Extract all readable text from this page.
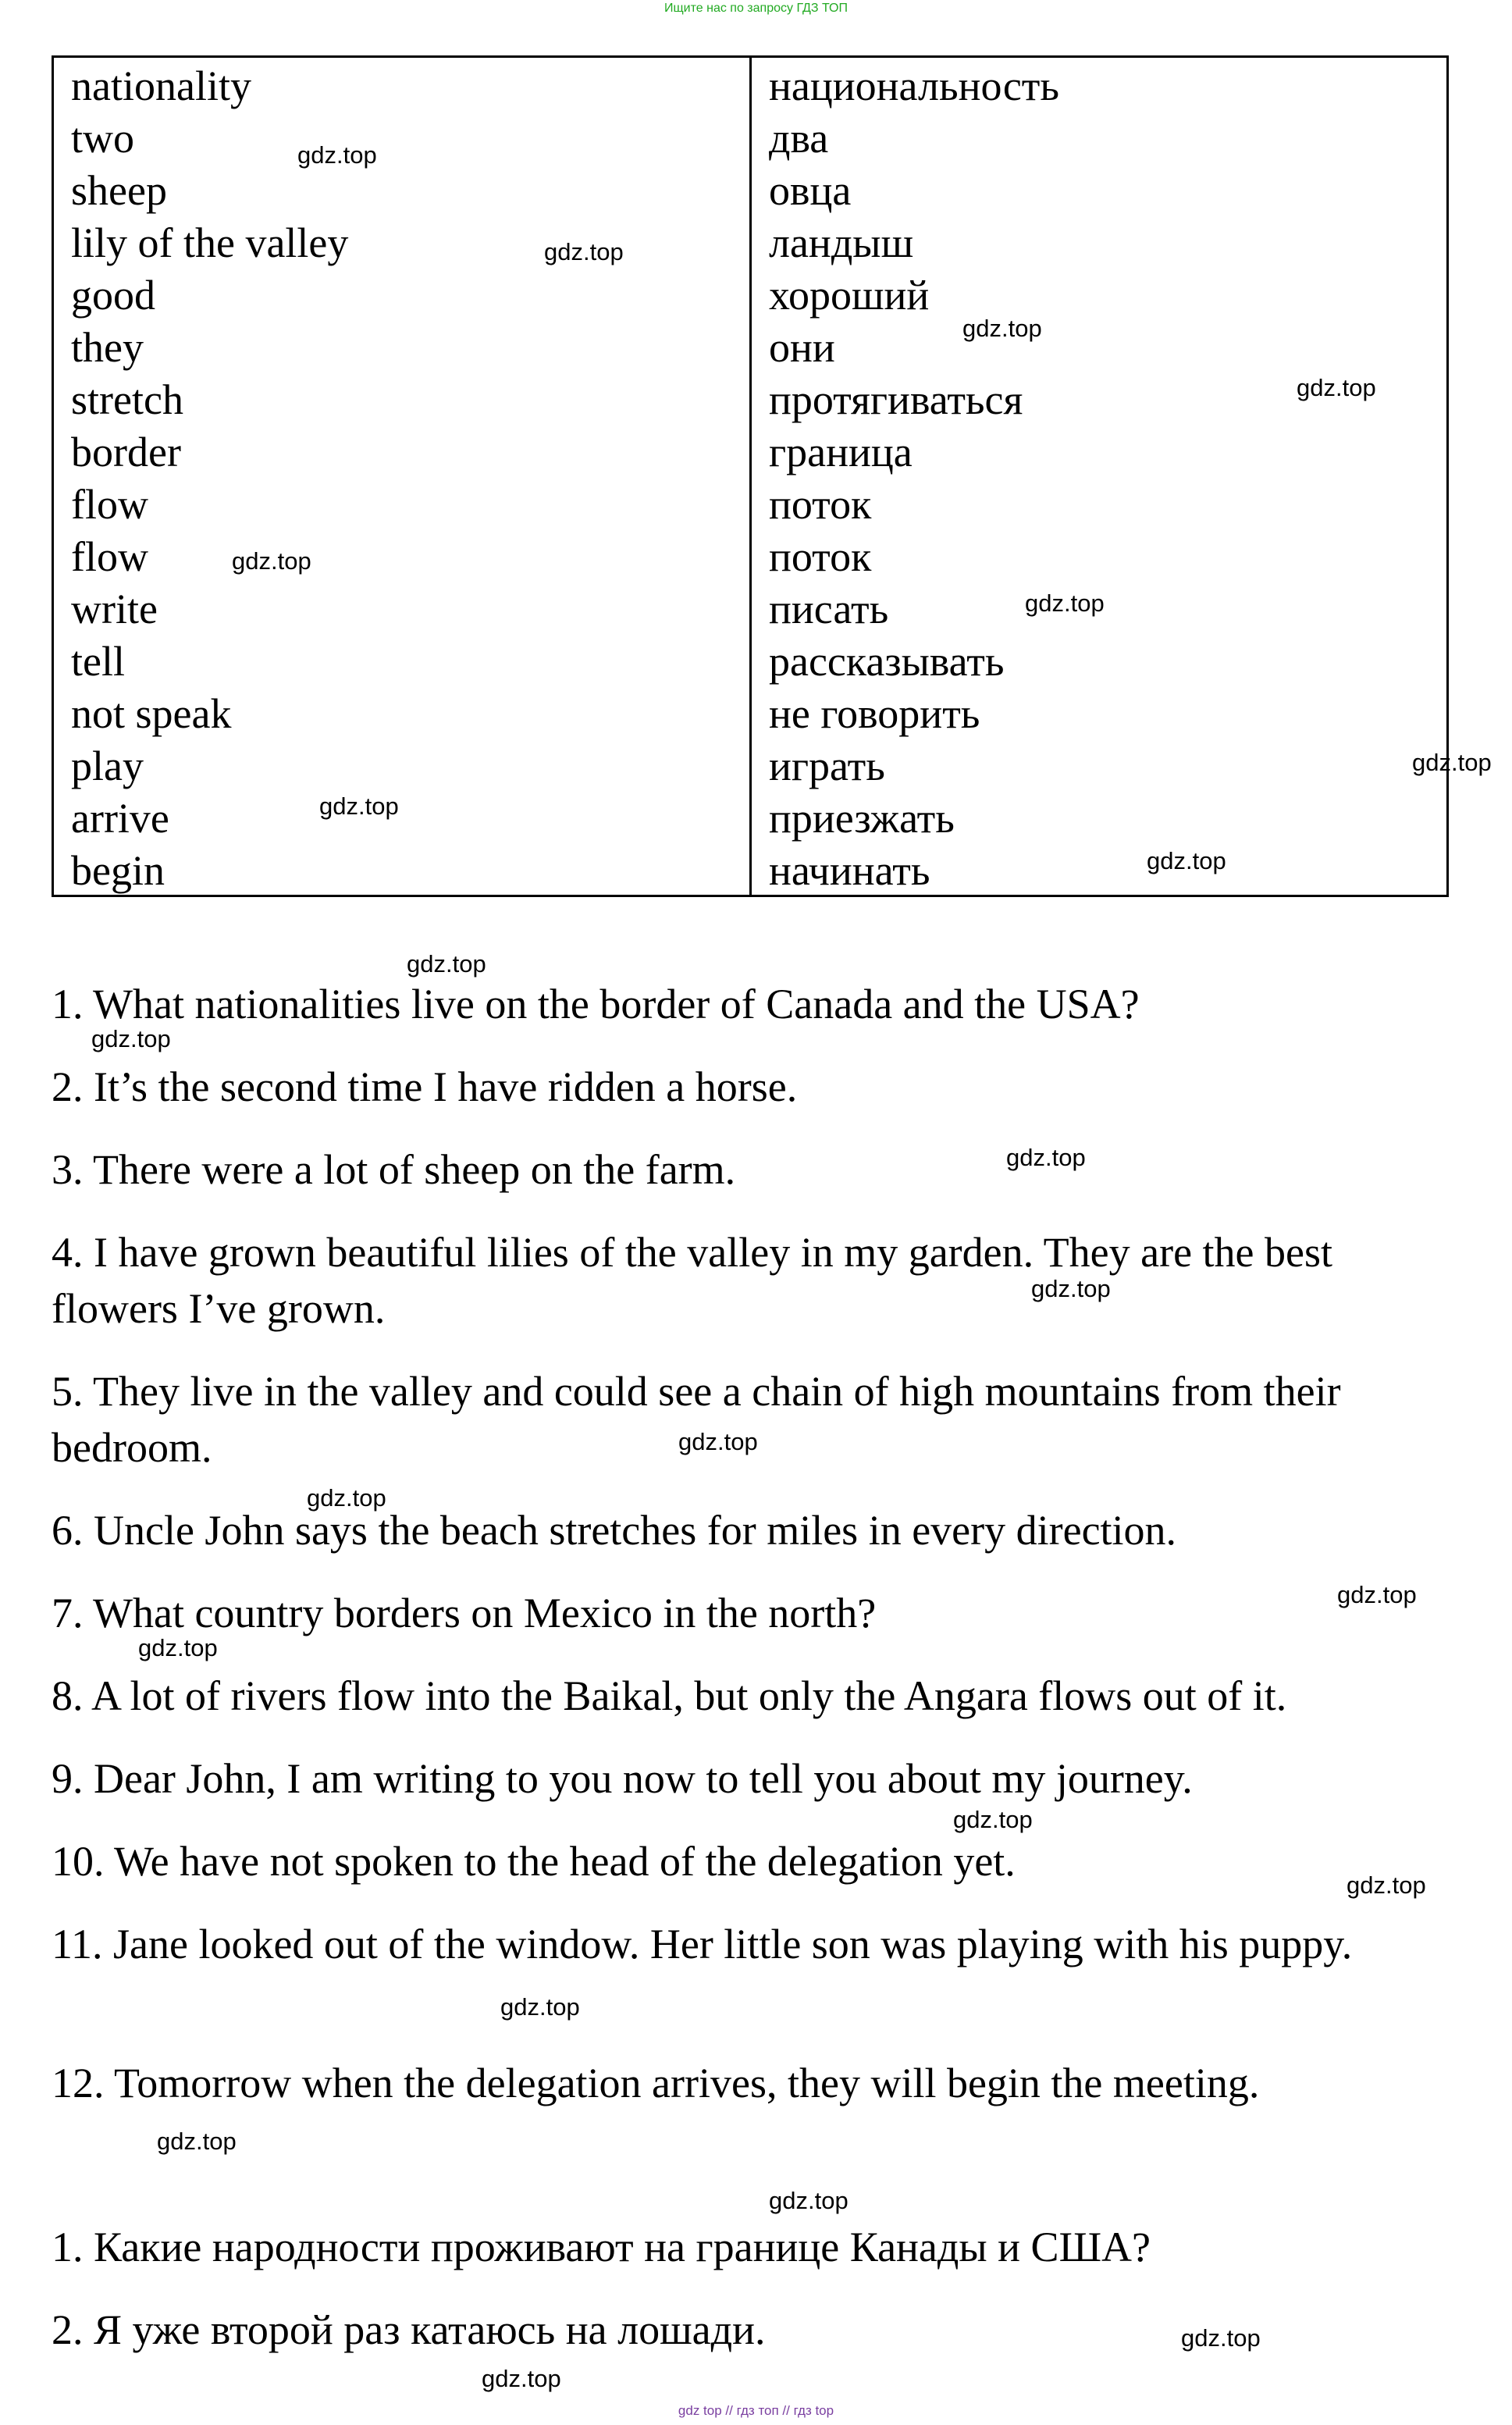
Ищите нас по запросу ГДЗ ТОП
nationality
two
sheep
lily of the valley
good
they
stretch
border
flow
flow
write
tell
not speak
play
arrive
begin
национальность
два
овца
ландыш
хороший
они
протягиваться
граница
поток
поток
писать
рассказывать
не говорить
играть
приезжать
начинать
1. What nationalities live on the border of Canada and the USA?
2. It’s the second time I have ridden a horse.
3. There were a lot of sheep on the farm.
4. I have grown beautiful lilies of the valley in my garden. They are the best flowers I’ve grown.
5. They live in the valley and could see a chain of high mountains from their bedroom.
6. Uncle John says the beach stretches for miles in every direction.
7. What country borders on Mexico in the north?
8. A lot of rivers flow into the Baikal, but only the Angara flows out of it.
9. Dear John, I am writing to you now to tell you about my journey.
10. We have not spoken to the head of the delegation yet.
11. Jane looked out of the window. Her little son was playing with his puppy.
12. Tomorrow when the delegation arrives, they will begin the meeting.
1. Какие народности проживают на границе Канады и США?
2. Я уже второй раз катаюсь на лошади.
gdz.top
gdz.top
gdz.top
gdz.top
gdz.top
gdz.top
gdz.top
gdz.top
gdz.top
gdz.top
gdz.top
gdz.top
gdz.top
gdz.top
gdz.top
gdz.top
gdz.top
gdz.top
gdz.top
gdz.top
gdz.top
gdz.top
gdz.top
gdz.top
gdz top // гдз топ // гдз top
